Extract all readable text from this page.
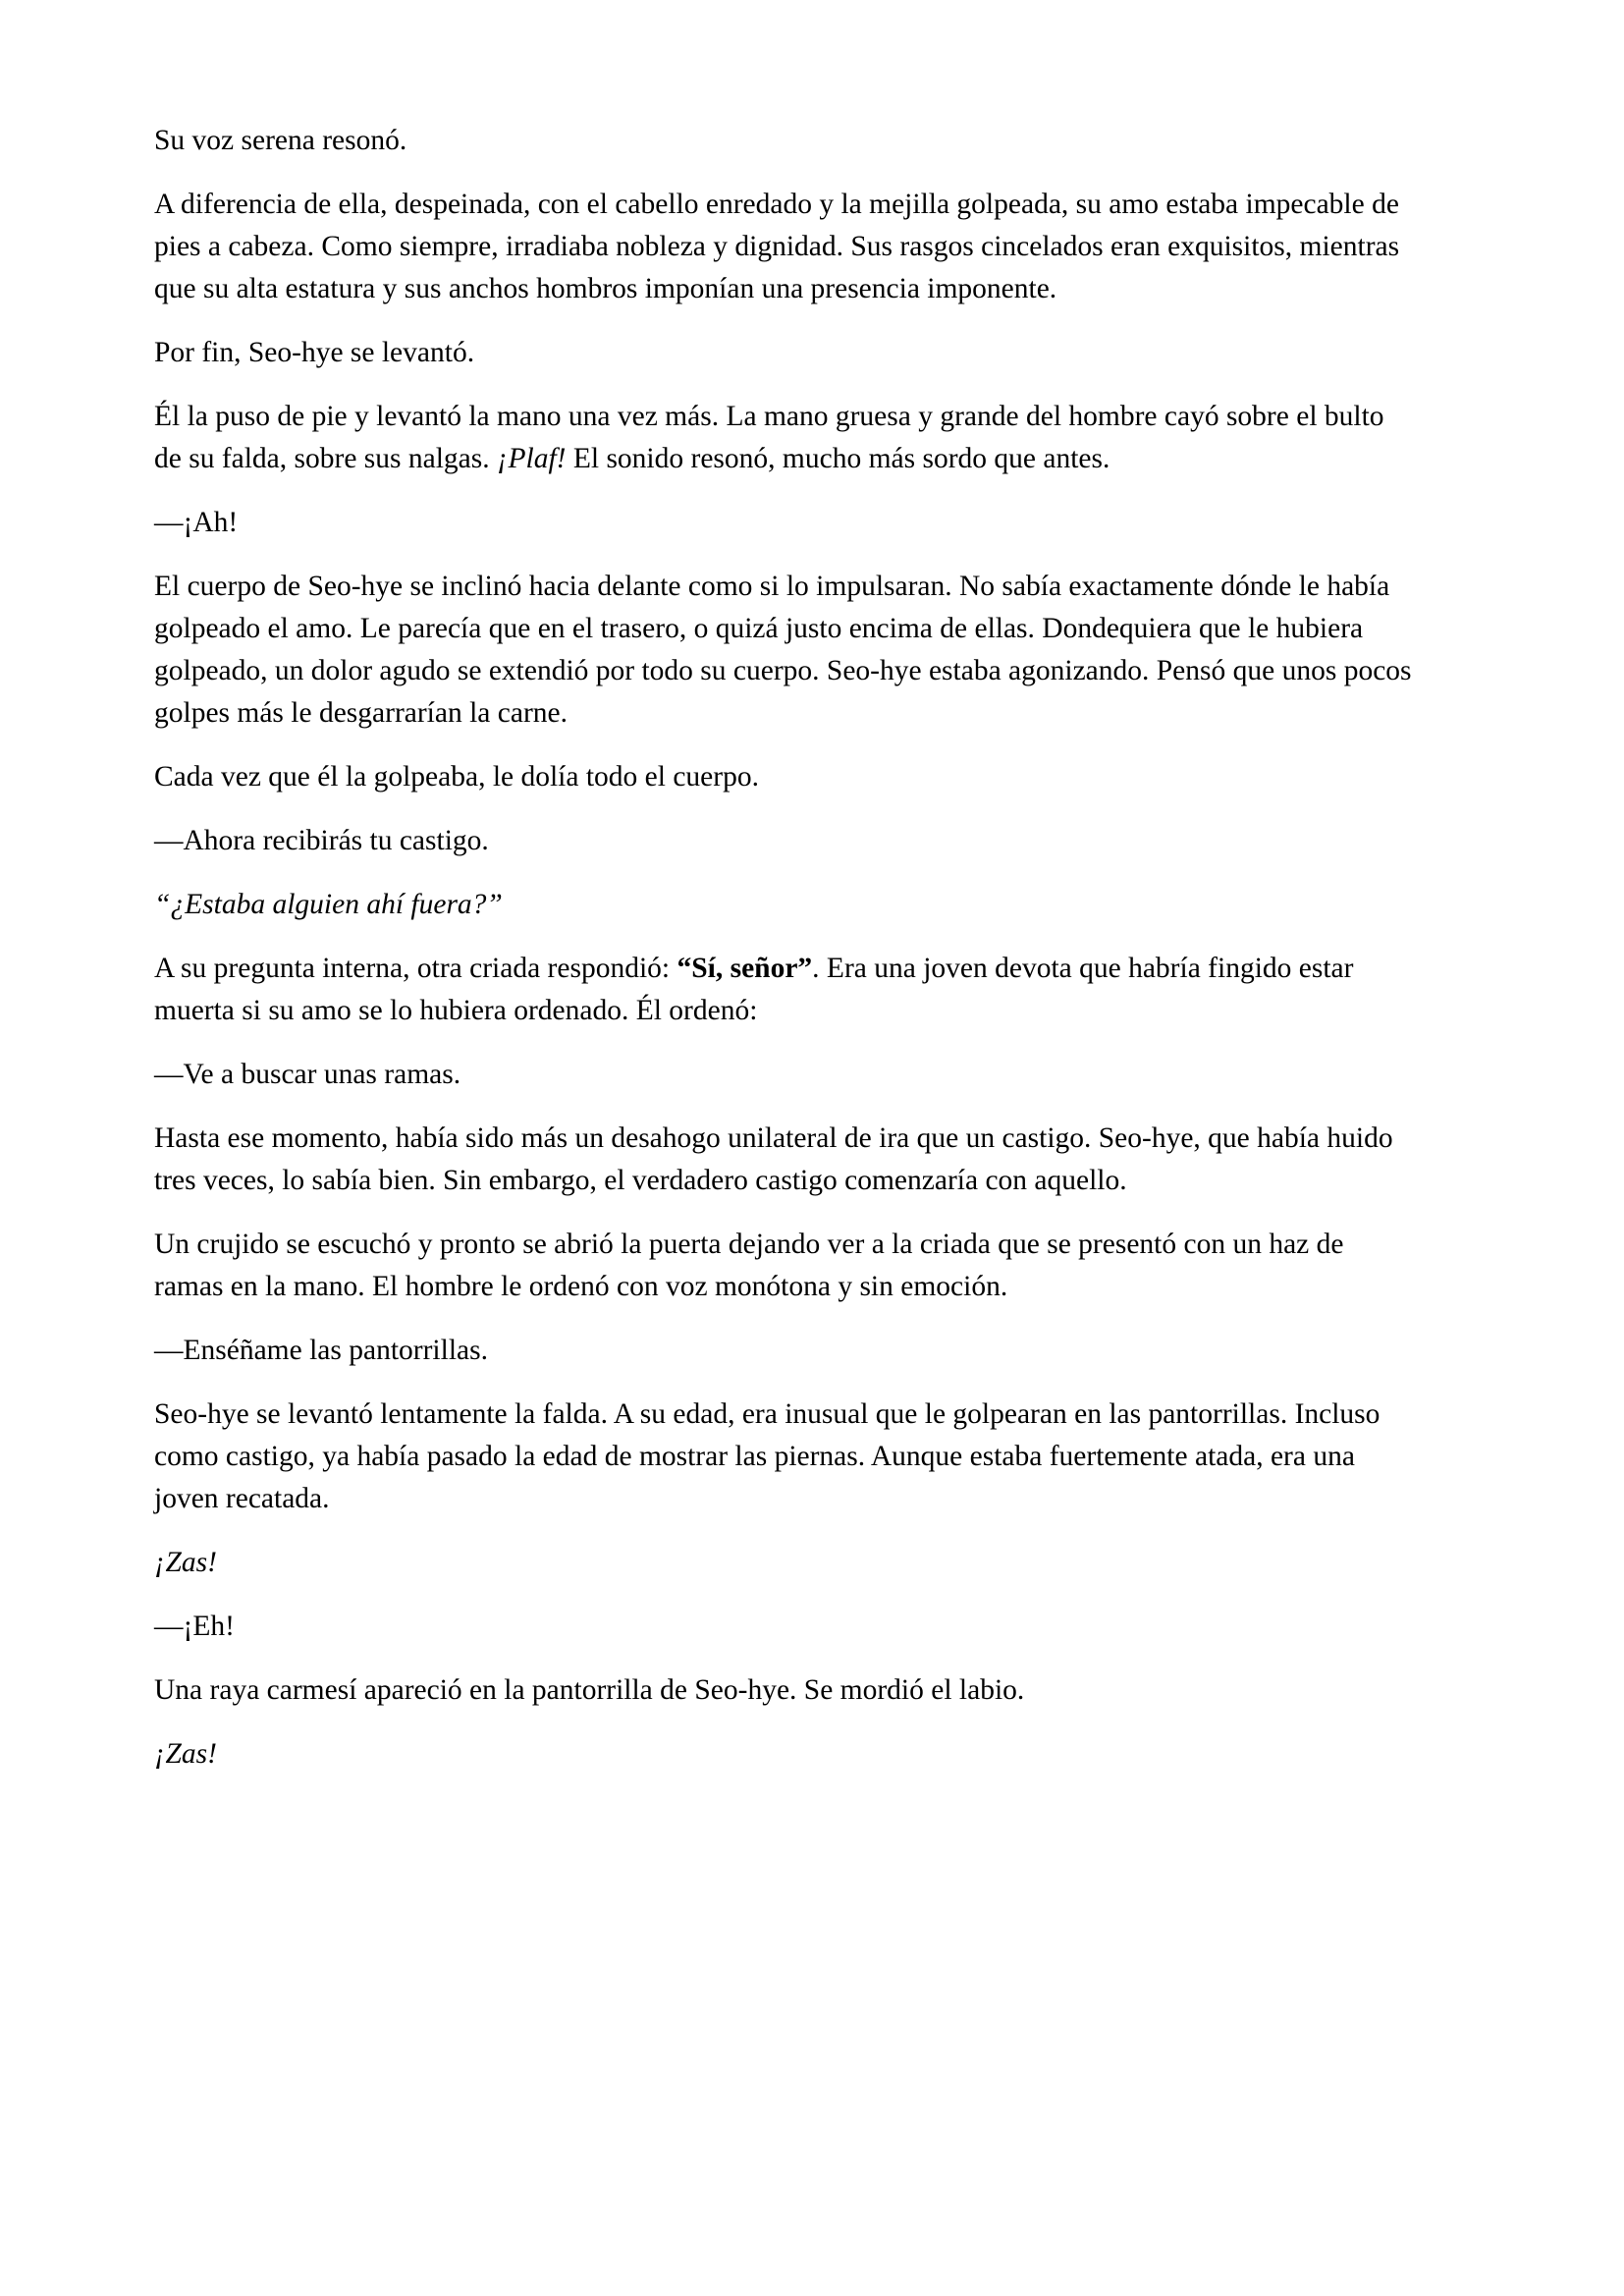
Su voz serena resonó.

A diferencia de ella, despeinada, con el cabello enredado y la mejilla golpeada, su amo estaba impecable de pies a cabeza. Como siempre, irradiaba nobleza y dignidad. Sus rasgos cincelados eran exquisitos, mientras que su alta estatura y sus anchos hombros imponían una presencia imponente.

Por fin, Seo-hye se levantó.

Él la puso de pie y levantó la mano una vez más. La mano gruesa y grande del hombre cayó sobre el bulto de su falda, sobre sus nalgas. ¡Plaf! El sonido resonó, mucho más sordo que antes.

—¡Ah!

El cuerpo de Seo-hye se inclinó hacia delante como si lo impulsaran. No sabía exactamente dónde le había golpeado el amo. Le parecía que en el trasero, o quizá justo encima de ellas. Dondequiera que le hubiera golpeado, un dolor agudo se extendió por todo su cuerpo. Seo-hye estaba agonizando. Pensó que unos pocos golpes más le desgarrarían la carne.

Cada vez que él la golpeaba, le dolía todo el cuerpo.

—Ahora recibirás tu castigo.

“¿Estaba alguien ahí fuera?”

A su pregunta interna, otra criada respondió: “Sí, señor”. Era una joven devota que habría fingido estar muerta si su amo se lo hubiera ordenado. Él ordenó:

—Ve a buscar unas ramas.

Hasta ese momento, había sido más un desahogo unilateral de ira que un castigo. Seo-hye, que había huido tres veces, lo sabía bien. Sin embargo, el verdadero castigo comenzaría con aquello.

Un crujido se escuchó y pronto se abrió la puerta dejando ver a la criada que se presentó con un haz de ramas en la mano. El hombre le ordenó con voz monótona y sin emoción.

—Enséñame las pantorrillas.

Seo-hye se levantó lentamente la falda. A su edad, era inusual que le golpearan en las pantorrillas. Incluso como castigo, ya había pasado la edad de mostrar las piernas. Aunque estaba fuertemente atada, era una joven recatada.

¡Zas!

—¡Eh!

Una raya carmesí apareció en la pantorrilla de Seo-hye. Se mordió el labio.

¡Zas!
